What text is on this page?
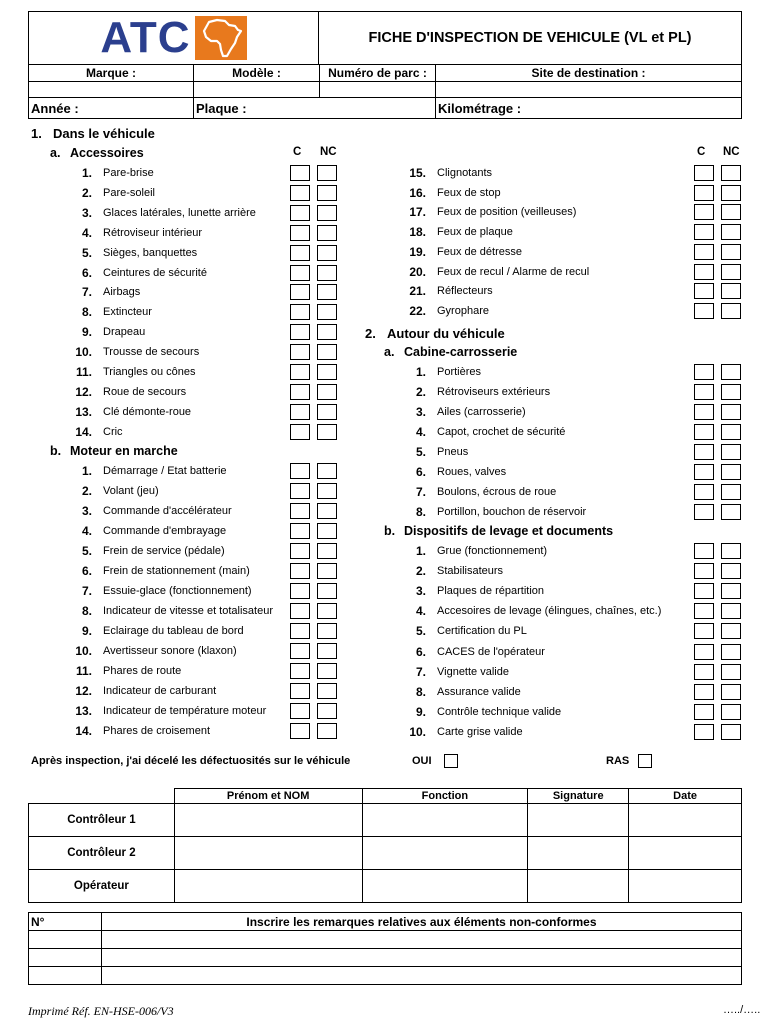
ATC	FICHE D'INSPECTION DE VEHICULE (VL et PL)
Marque :	Modèle :	Numéro de parc :	Site de destination :
Année :	Plaque :	Kilométrage :
1. Dans le véhicule
a. Accessoires	C NC	C NC
b. Moteur en marche
2. Autour du véhicule
a. Cabine-carrosserie
b. Dispositifs de levage et documents
1. Pare-brise
2. Pare-soleil
3. Glaces latérales, lunette arrière
4. Rétroviseur intérieur
5. Sièges, banquettes
6. Ceintures de sécurité
7. Airbags
8. Extincteur
9. Drapeau
10. Trousse de secours
11. Triangles ou cônes
12. Roue de secours
13. Clé démonte-roue
14. Cric
1. Démarrage / Etat batterie
2. Volant (jeu)
3. Commande d'accélérateur
4. Commande d'embrayage
5. Frein de service (pédale)
6. Frein de stationnement (main)
7. Essuie-glace (fonctionnement)
8. Indicateur de vitesse et totalisateur
9. Eclairage du tableau de bord
10. Avertisseur sonore (klaxon)
11. Phares de route
12. Indicateur de carburant
13. Indicateur de température moteur
14. Phares de croisement
15. Clignotants
16. Feux de stop
17. Feux de position (veilleuses)
18. Feux de plaque
19. Feux de détresse
20. Feux de recul / Alarme de recul
21. Réflecteurs
22. Gyrophare
1. Portières
2. Rétroviseurs extérieurs
3. Ailes (carrosserie)
4. Capot, crochet de sécurité
5. Pneus
6. Roues, valves
7. Boulons, écrous de roue
8. Portillon, bouchon de réservoir
1. Grue (fonctionnement)
2. Stabilisateurs
3. Plaques de répartition
4. Accesoires de levage (élingues, chaînes, etc.)
5. Certification du PL
6. CACES de l'opérateur
7. Vignette valide
8. Assurance valide
9. Contrôle technique valide
10. Carte grise valide
Après inspection, j'ai décelé les défectuosités sur le véhicule	OUI	RAS
	Prénom et NOM	Fonction	Signature	Date
Contrôleur 1				
Contrôleur 2				
Opérateur				
N°	Inscrire les remarques relatives aux éléments non-conformes

Imprimé Réf. EN-HSE-006/V3	…../…..
